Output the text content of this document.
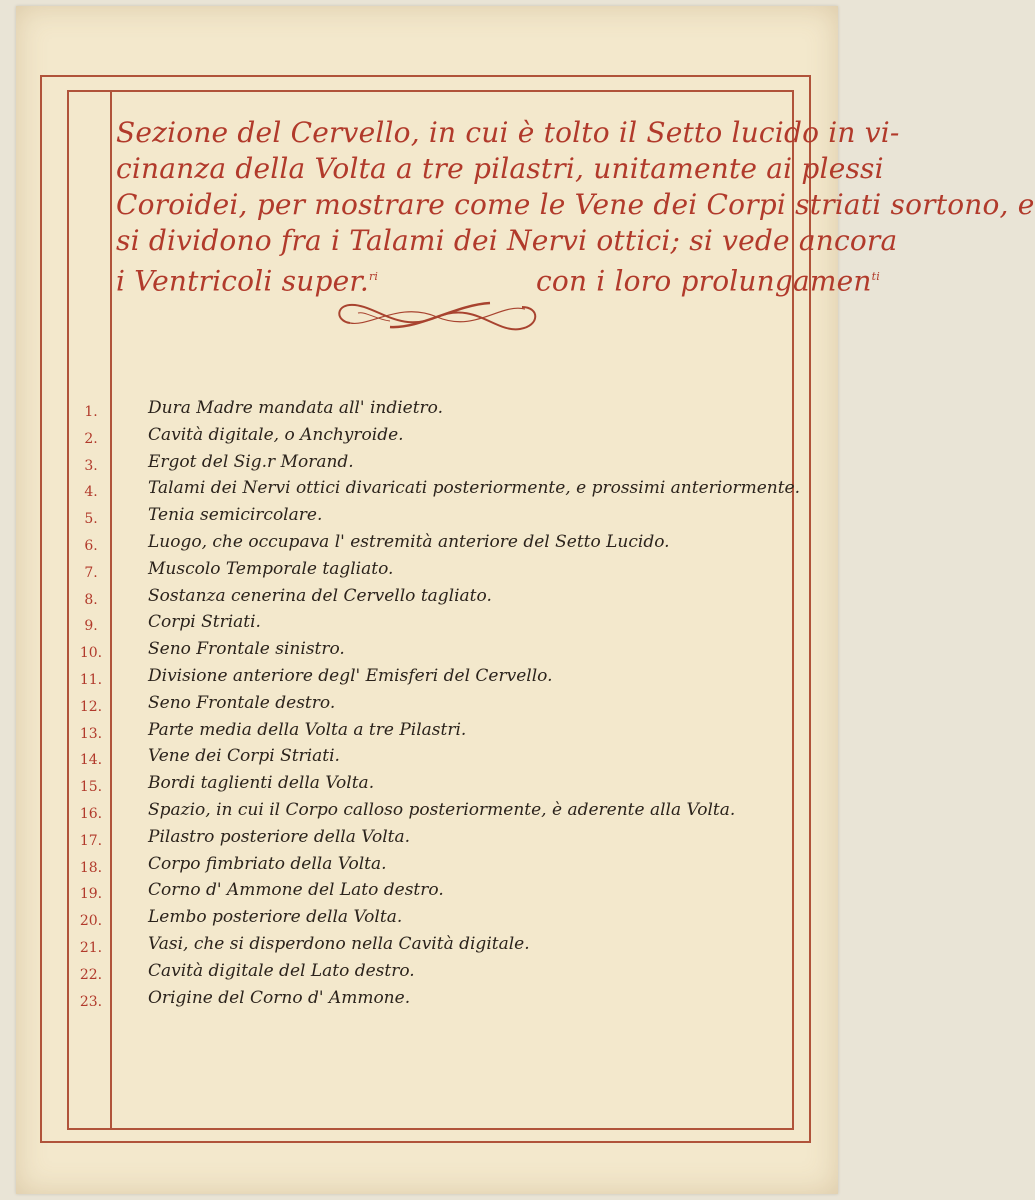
Sezione del Cervello, in cui è tolto il Setto lucido in vi-
cinanza della Volta a tre pilastri, unitamente ai plessi
Coroidei, per mostrare come le Vene dei Corpi striati sortono, e
si dividono fra i Talami dei Nervi ottici; si vede ancora
i Ventricoli super.$^{ri}$	con i loro prolungamen$^{ti}$
1.	Dura Madre mandata all' indietro.
2.	Cavità digitale, o Anchyroide.
3.	Ergot del Sig.r Morand.
4.	Talami dei Nervi ottici divaricati posteriormente, e prossimi anteriormente.
5.	Tenia semicircolare.
6.	Luogo, che occupava l' estremità anteriore del Setto Lucido.
7.	Muscolo Temporale tagliato.
8.	Sostanza cenerina del Cervello tagliato.
9.	Corpi Striati.
10.	Seno Frontale sinistro.
11.	Divisione anteriore degl' Emisferi del Cervello.
12.	Seno Frontale destro.
13.	Parte media della Volta a tre Pilastri.
14.	Vene dei Corpi Striati.
15.	Bordi taglienti della Volta.
16.	Spazio, in cui il Corpo calloso posteriormente, è aderente alla Volta.
17.	Pilastro posteriore della Volta.
18.	Corpo fimbriato della Volta.
19.	Corno d' Ammone del Lato destro.
20.	Lembo posteriore della Volta.
21.	Vasi, che si disperdono nella Cavità digitale.
22.	Cavità digitale del Lato destro.
23.	Origine del Corno d' Ammone.
